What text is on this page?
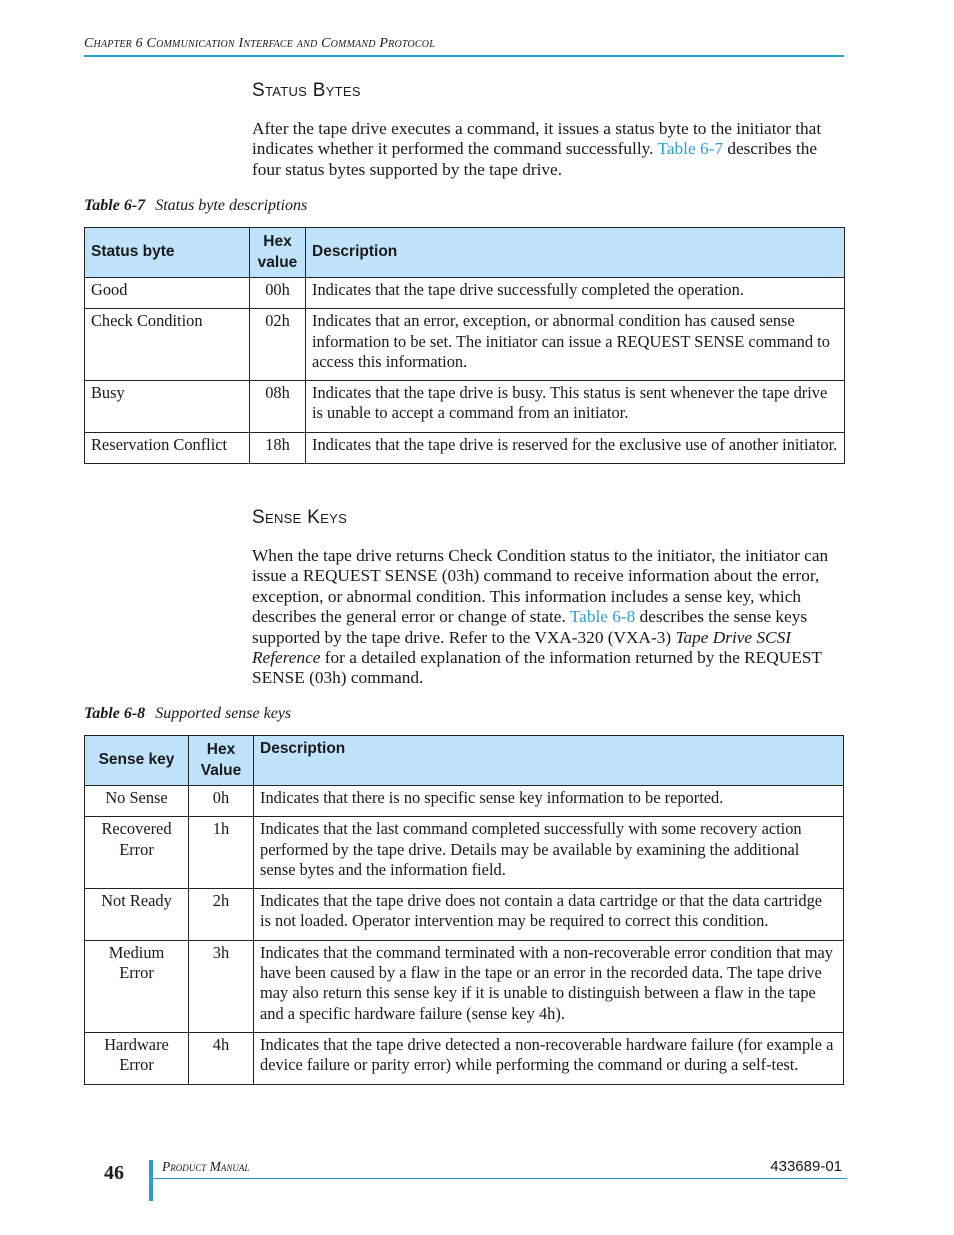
Chapter 6 Communication Interface and Command Protocol
Status Bytes
After the tape drive executes a command, it issues a status byte to the initiator that indicates whether it performed the command successfully. Table 6-7 describes the four status bytes supported by the tape drive.
Table 6-7 Status byte descriptions
Status byte	Hex value	Description
Good	00h	Indicates that the tape drive successfully completed the operation.
Check Condition	02h	Indicates that an error, exception, or abnormal condition has caused sense information to be set. The initiator can issue a REQUEST SENSE command to access this information.
Busy	08h	Indicates that the tape drive is busy. This status is sent whenever the tape drive is unable to accept a command from an initiator.
Reservation Conflict	18h	Indicates that the tape drive is reserved for the exclusive use of another initiator.
Sense Keys
When the tape drive returns Check Condition status to the initiator, the initiator can issue a REQUEST SENSE (03h) command to receive information about the error, exception, or abnormal condition. This information includes a sense key, which describes the general error or change of state. Table 6-8 describes the sense keys supported by the tape drive. Refer to the VXA-320 (VXA-3) Tape Drive SCSI Reference for a detailed explanation of the information returned by the REQUEST SENSE (03h) command.
Table 6-8 Supported sense keys
Sense key	Hex Value	Description
No Sense	0h	Indicates that there is no specific sense key information to be reported.
Recovered Error	1h	Indicates that the last command completed successfully with some recovery action performed by the tape drive. Details may be available by examining the additional sense bytes and the information field.
Not Ready	2h	Indicates that the tape drive does not contain a data cartridge or that the data cartridge is not loaded. Operator intervention may be required to correct this condition.
Medium Error	3h	Indicates that the command terminated with a non-recoverable error condition that may have been caused by a flaw in the tape or an error in the recorded data. The tape drive may also return this sense key if it is unable to distinguish between a flaw in the tape and a specific hardware failure (sense key 4h).
Hardware Error	4h	Indicates that the tape drive detected a non-recoverable hardware failure (for example a device failure or parity error) while performing the command or during a self-test.
46	Product Manual	433689-01
